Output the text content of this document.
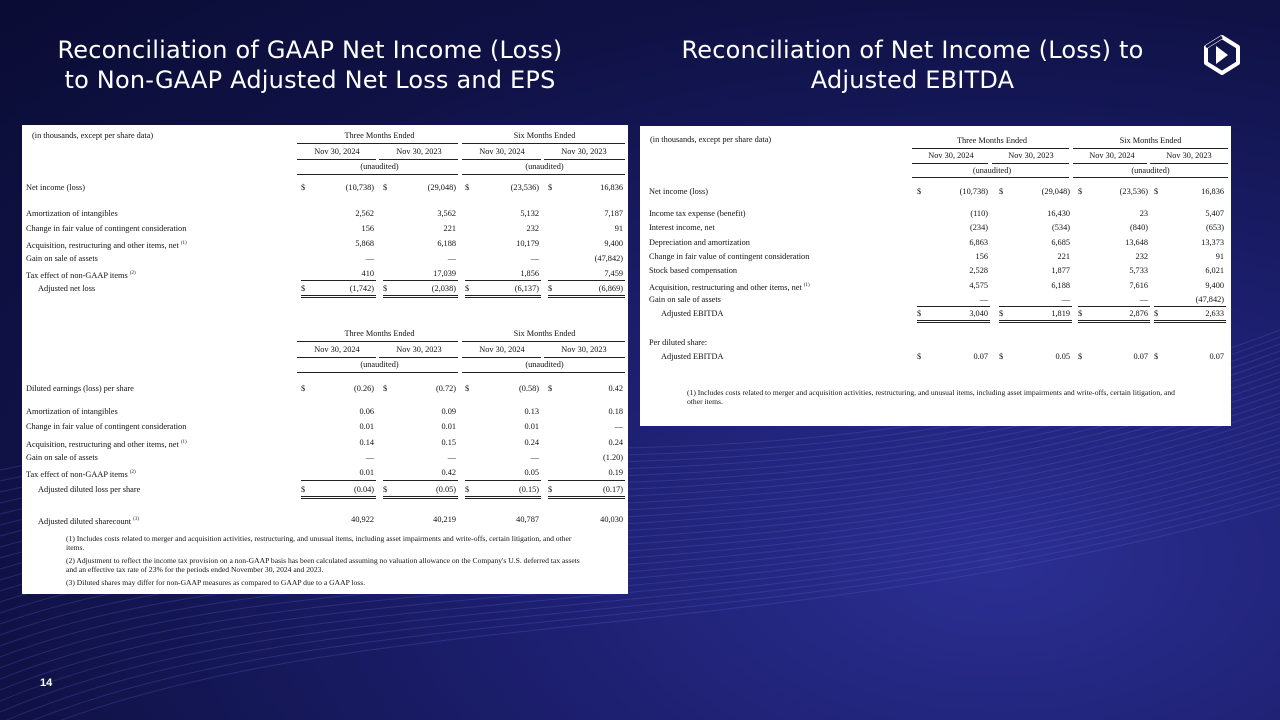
Reconciliation of GAAP Net Income (Loss)
to Non-GAAP Adjusted Net Loss and EPS
Reconciliation of Net Income (Loss) to
Adjusted EBITDA
14
(in thousands, except per share data)	Three Months Ended	Six Months Ended
Nov 30, 2024	Nov 30, 2023	Nov 30, 2024	Nov 30, 2023
(unaudited)	(unaudited)
Net income (loss)	$	(10,738) $	(29,048) $	(23,536) $	16,836
Amortization of intangibles	2,562	3,562	5,132	7,187
Change in fair value of contingent consideration	156	221	232	91
Acquisition, restructuring and other items, net $^{(1)}$	5,868	6,188	10,179	9,400
Gain on sale of assets	—	—	—	(47,842)
Tax effect of non-GAAP items $^{(2)}$	410	17,039	1,856	7,459
Adjusted net loss	$	(1,742) $	(2,038) $	(6,137) $	(6,869)
Three Months Ended	Six Months Ended
Nov 30, 2024	Nov 30, 2023	Nov 30, 2024	Nov 30, 2023
(unaudited)	(unaudited)
Diluted earnings (loss) per share	$	(0.26) $	(0.72) $	(0.58) $	0.42
Amortization of intangibles	0.06	0.09	0.13	0.18
Change in fair value of contingent consideration	0.01	0.01	0.01	—
Acquisition, restructuring and other items, net $^{(1)}$	0.14	0.15	0.24	0.24
Gain on sale of assets	—	—	—	(1.20)
Tax effect of non-GAAP items $^{(2)}$	0.01	0.42	0.05	0.19
Adjusted diluted loss per share	$	(0.04) $	(0.05) $	(0.15) $	(0.17)
Adjusted diluted sharecount $^{(3)}$	40,922	40,219	40,787	40,030
(1) Includes costs related to merger and acquisition activities, restructuring, and unusual items, including asset impairments and write-offs, certain litigation, and other items.
(2) Adjustment to reflect the income tax provision on a non-GAAP basis has been calculated assuming no valuation allowance on the Company's U.S. deferred tax assets and an effective tax rate of 23% for the periods ended November 30, 2024 and 2023.
(3) Diluted shares may differ for non-GAAP measures as compared to GAAP due to a GAAP loss.
(in thousands, except per share data)	Three Months Ended	Six Months Ended
Nov 30, 2024	Nov 30, 2023	Nov 30, 2024	Nov 30, 2023
(unaudited)	(unaudited)
Net income (loss)	$	(10,738) $	(29,048) $	(23,536) $	16,836
Income tax expense (benefit)	(110)	16,430	23	5,407
Interest income, net	(234)	(534)	(840)	(653)
Depreciation and amortization	6,863	6,685	13,648	13,373
Change in fair value of contingent consideration	156	221	232	91
Stock based compensation	2,528	1,877	5,733	6,021
Acquisition, restructuring and other items, net $^{(1)}$	4,575	6,188	7,616	9,400
Gain on sale of assets	—	—	—	(47,842)
Adjusted EBITDA	$	3,040 $	1,819 $	2,876 $	2,633
Per diluted share:
Adjusted EBITDA	$	0.07 $	0.05 $	0.07 $	0.07
(1) Includes costs related to merger and acquisition activities, restructuring, and unusual items, including asset impairments and write-offs, certain litigation, and other items.
